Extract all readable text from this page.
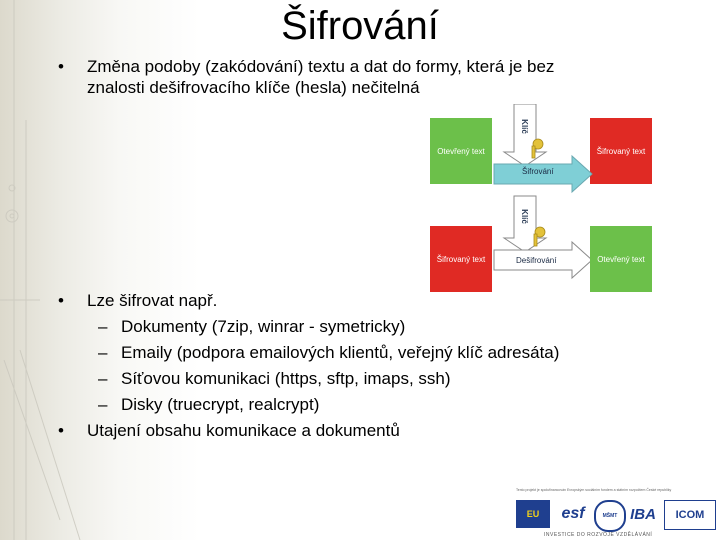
Šifrování
• Změna podoby (zakódování) textu a dat do formy, která je bez
znalosti dešifrovacího klíče (hesla) nečitelná
Otevřený text	Šifrovaný text
Klíč
Šifrování
Šifrovaný text	Otevřený text
Klíč
Dešifrování
• Lze šifrovat např.
– Dokumenty (7zip, winrar - symetricky)
– Emaily (podpora emailových klientů, veřejný klíč adresáta)
– Síťovou komunikaci (https, sftp, imaps, ssh)
– Disky (truecrypt, realcrypt)
• Utajení obsahu komunikace a dokumentů
Tento projekt je spolufinancován Evropským sociálním fondem a státním rozpočtem České republiky
EU esf	MŠMT IBA ICOM
INVESTICE DO ROZVOJE VZDĚLÁVÁNÍ
